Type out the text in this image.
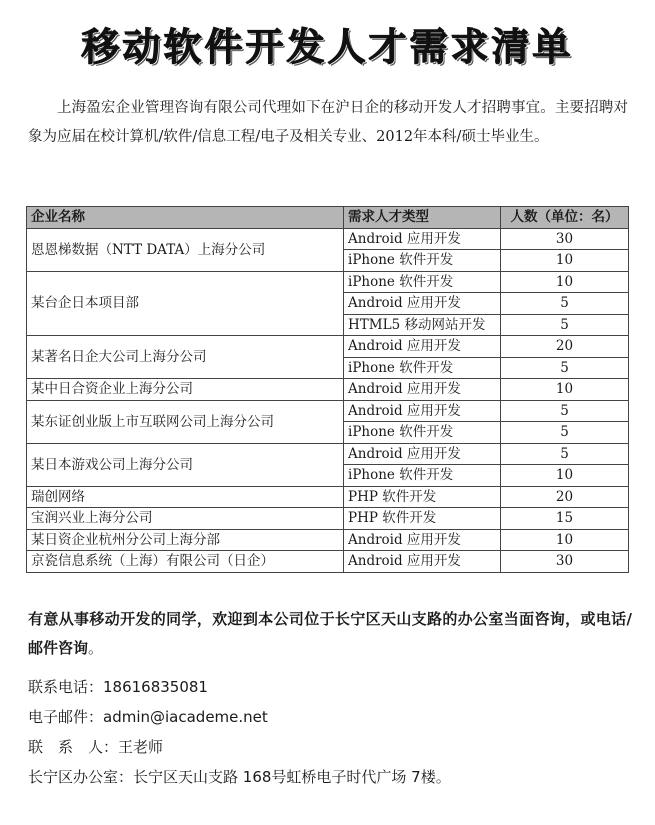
移动软件开发人才需求清单

上海盈宏企业管理咨询有限公司代理如下在沪日企的移动开发人才招聘事宜。主要招聘对象为应届在校计算机/软件/信息工程/电子及相关专业、2012年本科/硕士毕业生。

企业名称	需求人才类型	人数（单位：名）
恩恩梯数据（NTT DATA）上海分公司	Android 应用开发	30
	iPhone 软件开发	10
某台企日本项目部	iPhone 软件开发	10
	Android 应用开发	5
	HTML5 移动网站开发	5
某著名日企大公司上海分公司	Android 应用开发	20
	iPhone 软件开发	5
某中日合资企业上海分公司	Android 应用开发	10
某东证创业版上市互联网公司上海分公司	Android 应用开发	5
	iPhone 软件开发	5
某日本游戏公司上海分公司	Android 应用开发	5
	iPhone 软件开发	10
瑞创网络	PHP 软件开发	20
宝润兴业上海分公司	PHP 软件开发	15
某日资企业杭州分公司上海分部	Android 应用开发	10
京瓷信息系统（上海）有限公司（日企）	Android 应用开发	30

有意从事移动开发的同学，欢迎到本公司位于长宁区天山支路的办公室当面咨询，或电话/邮件咨询。

联系电话：18616835081
电子邮件：admin@iacademe.net
联　系　人：王老师
长宁区办公室：长宁区天山支路 168号虹桥电子时代广场 7楼。
